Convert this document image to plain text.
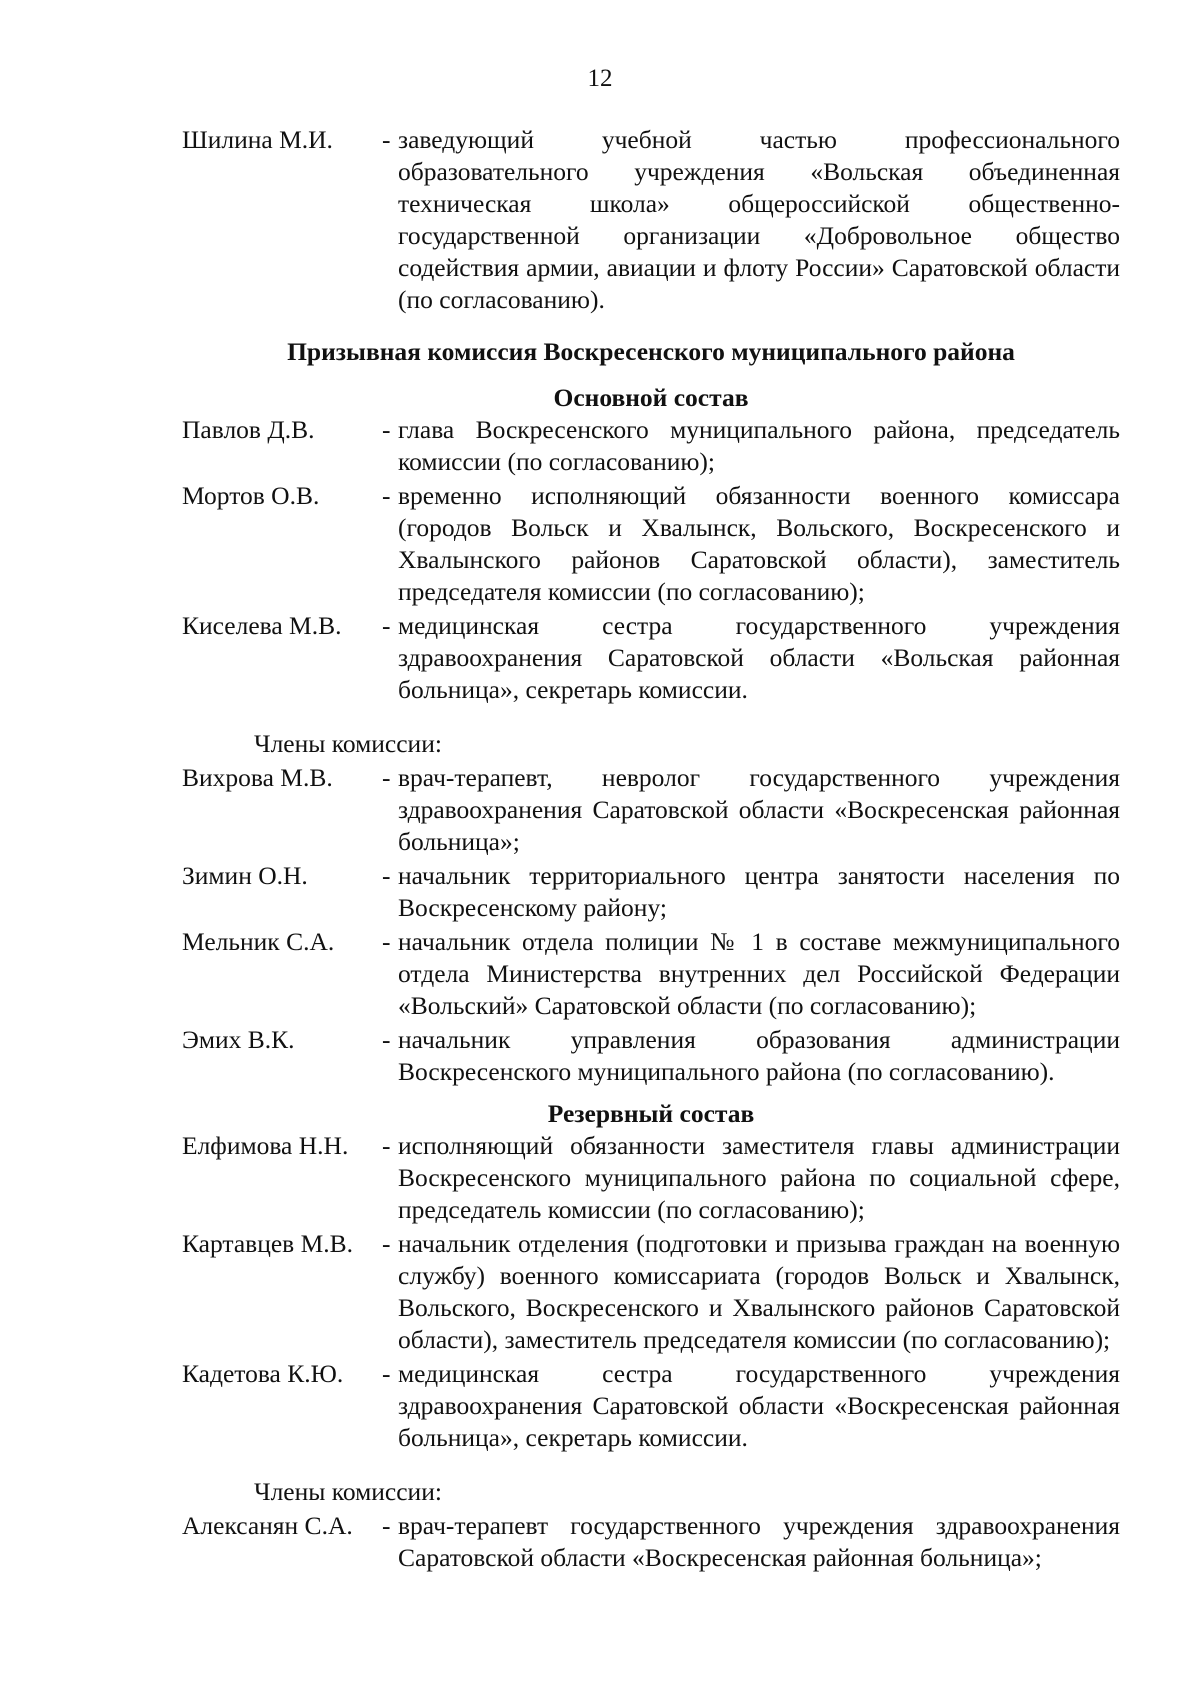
12
Шилина М.И.	- заведующий учебной частью профессионального образовательного учреждения «Вольская объединенная техническая школа» общероссийской общественно-государственной организации «Добровольное общество содействия армии, авиации и флоту России» Саратовской области (по согласованию).
Призывная комиссия Воскресенского муниципального района
Основной состав
Павлов Д.В.	- глава Воскресенского муниципального района, председатель комиссии (по согласованию);
Мортов О.В.	- временно исполняющий обязанности военного комиссара (городов Вольск и Хвалынск, Вольского, Воскресенского и Хвалынского районов Саратовской области), заместитель председателя комиссии (по согласованию);
Киселева М.В.	- медицинская сестра государственного учреждения здравоохранения Саратовской области «Вольская районная больница», секретарь комиссии.
Члены комиссии:
Вихрова М.В.	- врач-терапевт, невролог государственного учреждения здравоохранения Саратовской области «Воскресенская районная больница»;
Зимин О.Н.	- начальник территориального центра занятости населения по Воскресенскому району;
Мельник С.А.	- начальник отдела полиции № 1 в составе межмуниципального отдела Министерства внутренних дел Российской Федерации «Вольский» Саратовской области (по согласованию);
Эмих В.К.	- начальник управления образования администрации Воскресенского муниципального района (по согласованию).
Резервный состав
Елфимова Н.Н.	- исполняющий обязанности заместителя главы администрации Воскресенского муниципального района по социальной сфере, председатель комиссии (по согласованию);
Картавцев М.В.	- начальник отделения (подготовки и призыва граждан на военную службу) военного комиссариата (городов Вольск и Хвалынск, Вольского, Воскресенского и Хвалынского районов Саратовской области), заместитель председателя комиссии (по согласованию);
Кадетова К.Ю.	- медицинская сестра государственного учреждения здравоохранения Саратовской области «Воскресенская районная больница», секретарь комиссии.
Члены комиссии:
Алексанян С.А.	- врач-терапевт государственного учреждения здравоохранения Саратовской области «Воскресенская районная больница»;
